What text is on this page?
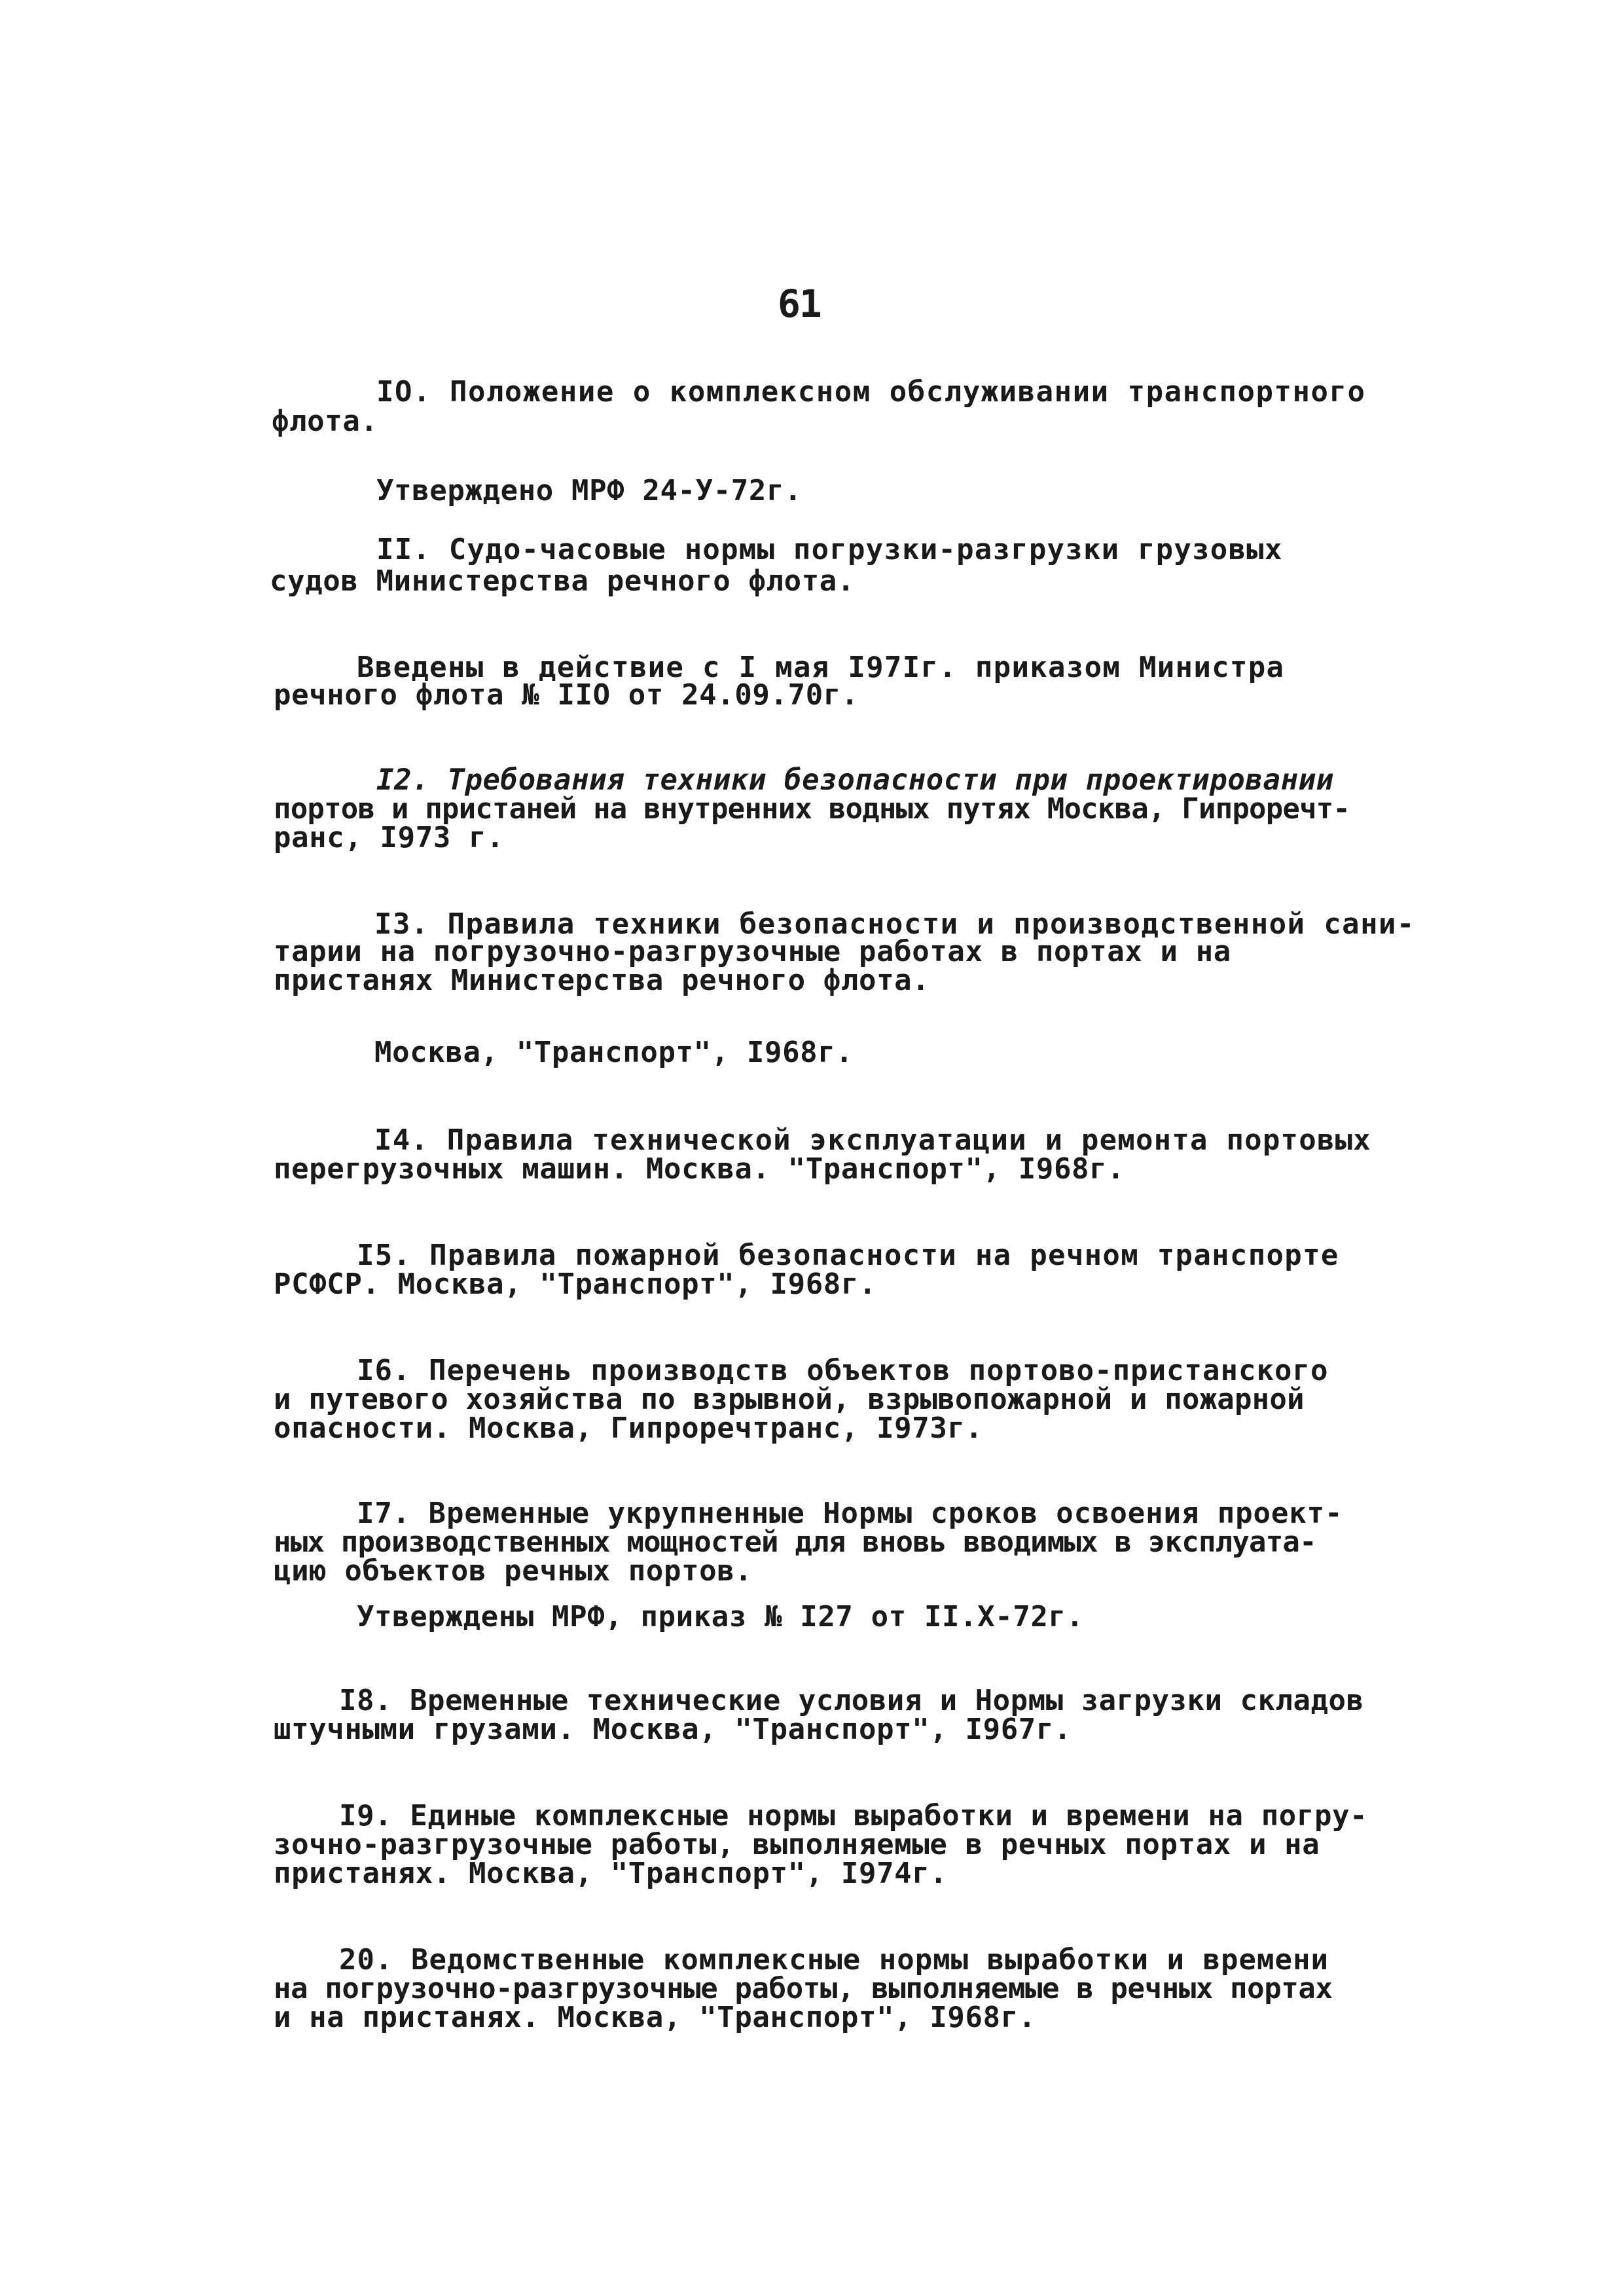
61
IO. Положение о комплексном обслуживании транспортного
флота.
Утверждено МРФ 24-У-72г.
II. Судо-часовые нормы погрузки-разгрузки грузовых
судов Министерства речного флота.
Введены в действие с I мая I97Iг. приказом Министра
речного флота № IIO от 24.09.70г.
I2. Требования техники безопасности при проектировании
портов и пристаней на внутренних водных путях Москва, Гипроречт-
ранс, I973 г.
I3. Правила техники безопасности и производственной сани-
тарии на погрузочно-разгрузочные работах в портах и на
пристанях Министерства речного флота.
Москва, "Транспорт", I968г.
I4. Правила технической эксплуатации и ремонта портовых
перегрузочных машин. Москва. "Транспорт", I968г.
I5. Правила пожарной безопасности на речном транспорте
РСФСР. Москва, "Транспорт", I968г.
I6. Перечень производств объектов портово-пристанского
и путевого хозяйства по взрывной, взрывопожарной и пожарной
опасности. Москва, Гипроречтранс, I973г.
I7. Временные укрупненные Нормы сроков освоения проект-
ных производственных мощностей для вновь вводимых в эксплуата-
цию объектов речных портов.
Утверждены МРФ, приказ № I27 от II.X-72г.
I8. Временные технические условия и Нормы загрузки складов
штучными грузами. Москва, "Транспорт", I967г.
I9. Единые комплексные нормы выработки и времени на погру-
зочно-разгрузочные работы, выполняемые в речных портах и на
пристанях. Москва, "Транспорт", I974г.
20. Ведомственные комплексные нормы выработки и времени
на погрузочно-разгрузочные работы, выполняемые в речных портах
и на пристанях. Москва, "Транспорт", I968г.
